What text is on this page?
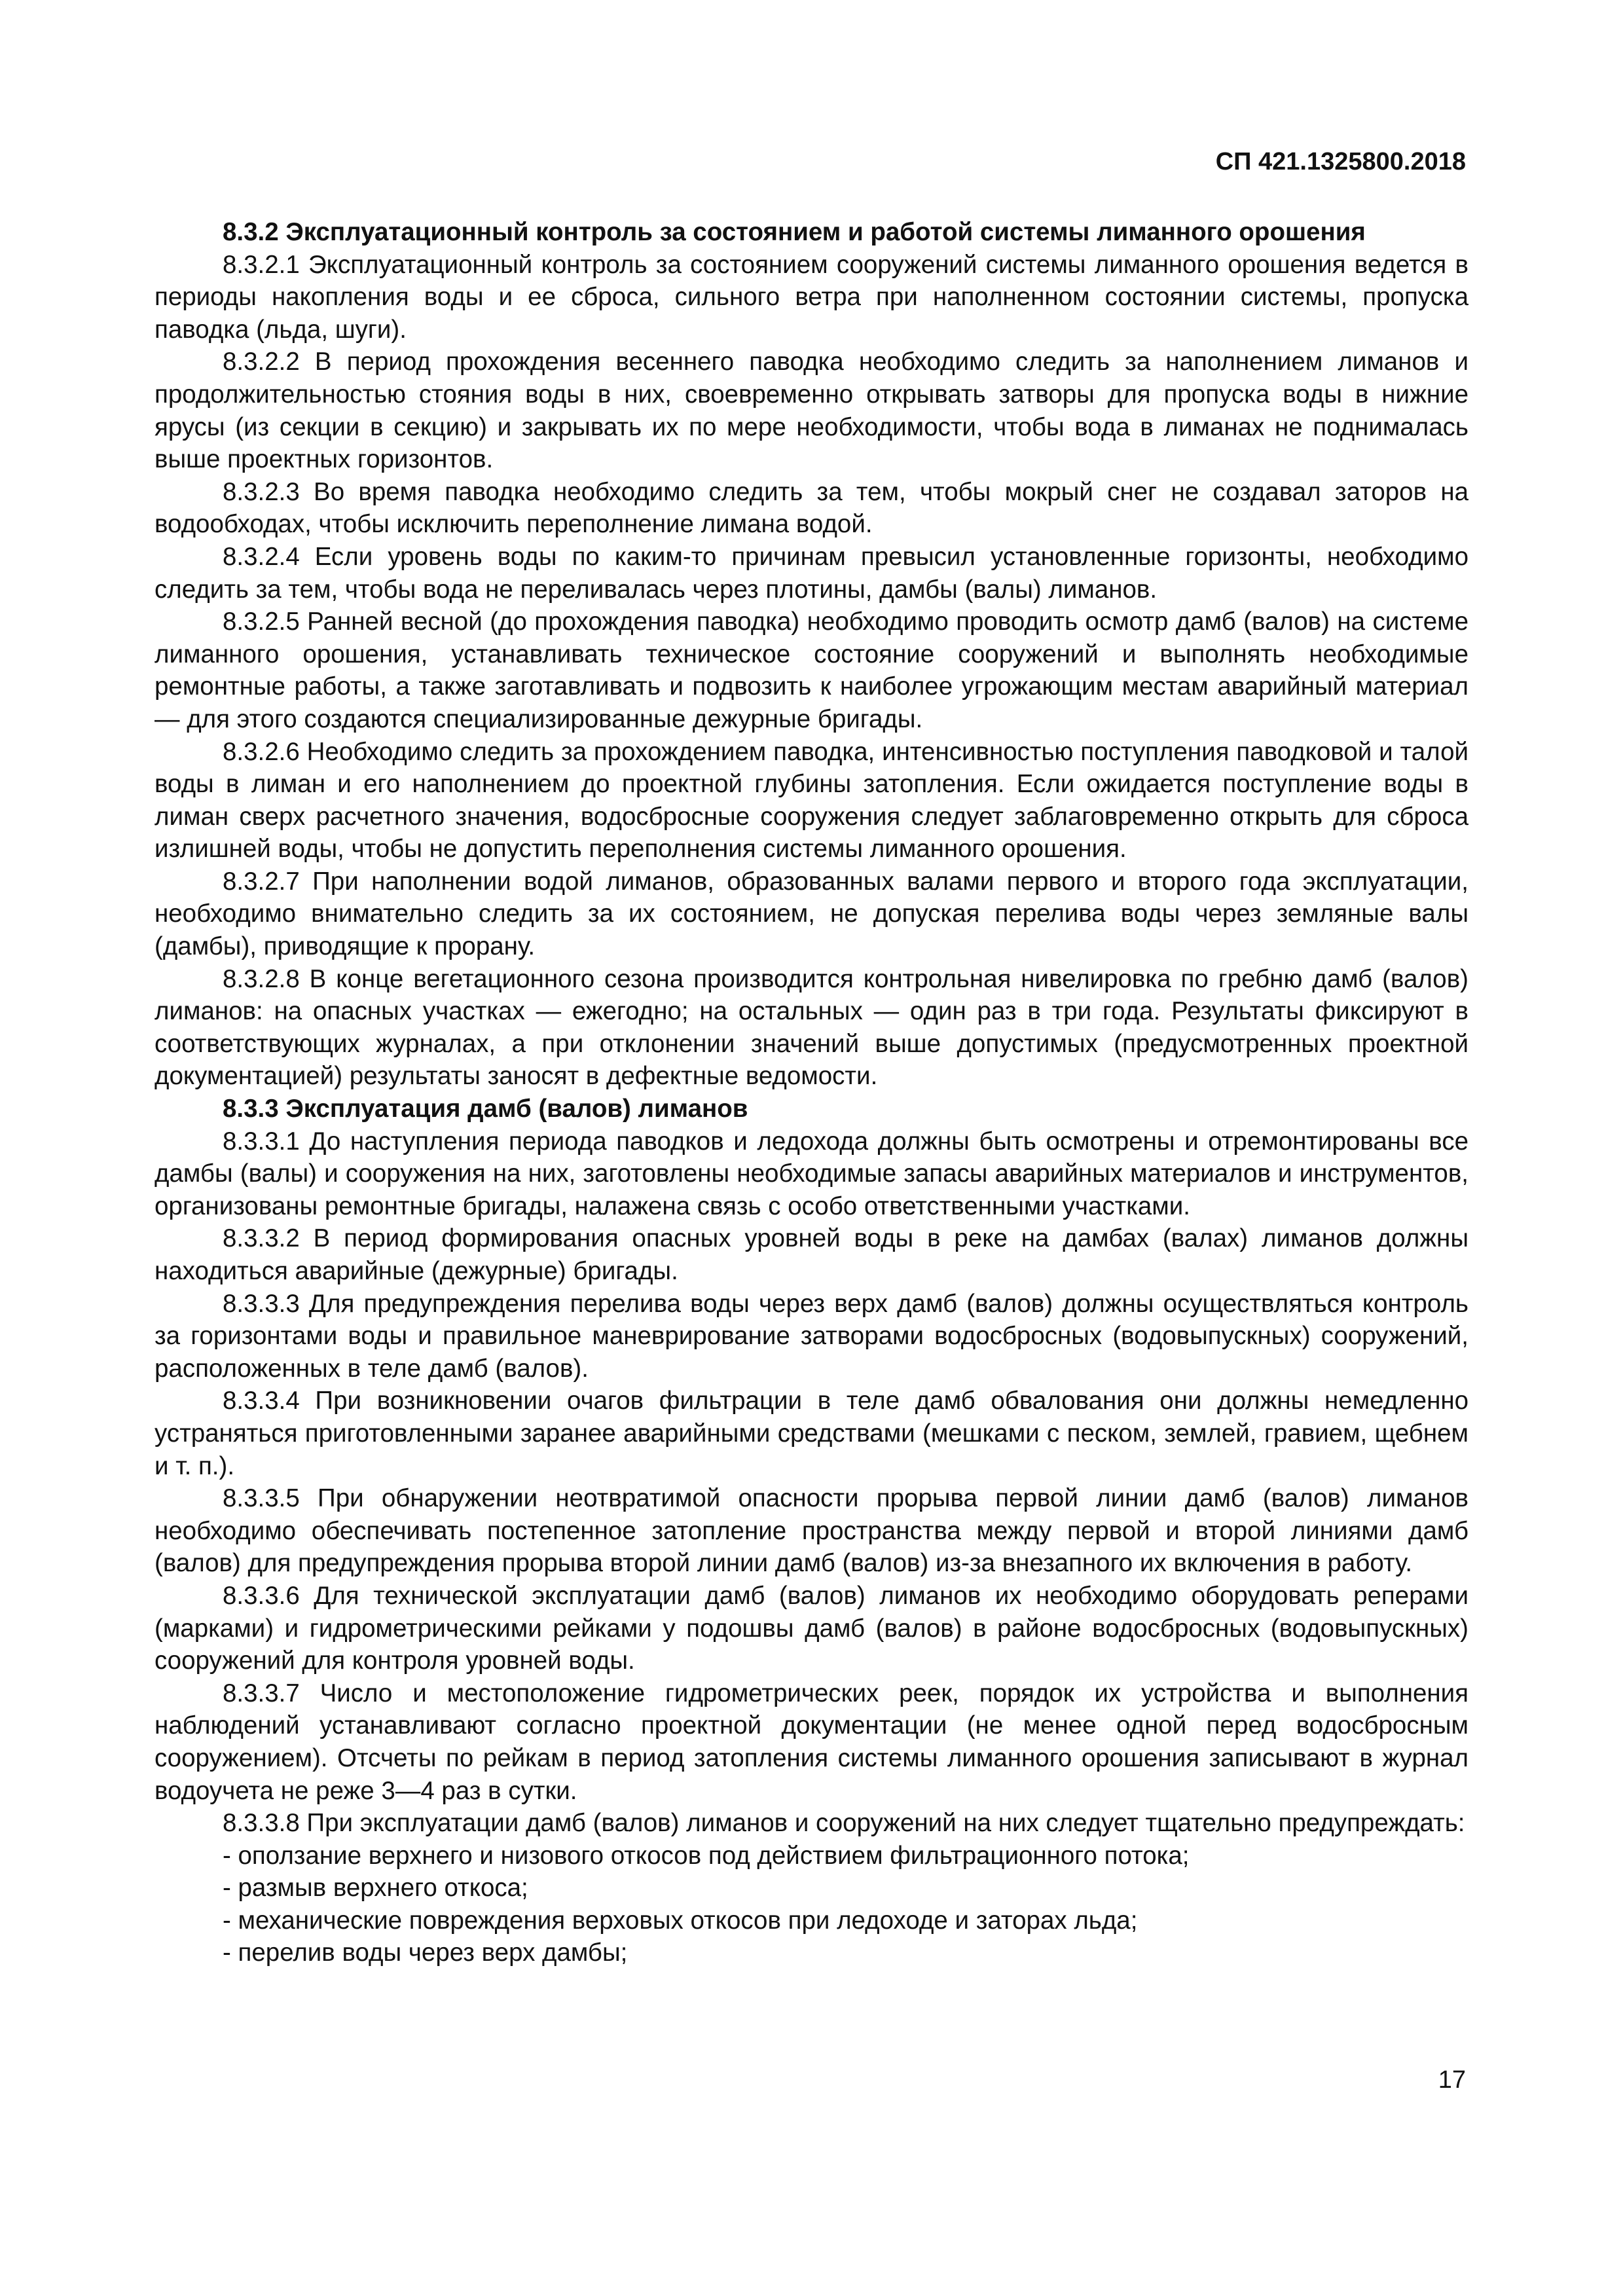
СП 421.1325800.2018

8.3.2 Эксплуатационный контроль за состоянием и работой системы лиманного орошения

8.3.2.1 Эксплуатационный контроль за состоянием сооружений системы лиманного орошения ведется в периоды накопления воды и ее сброса, сильного ветра при наполненном состоянии системы, пропуска паводка (льда, шуги).

8.3.2.2 В период прохождения весеннего паводка необходимо следить за наполнением лиманов и продолжительностью стояния воды в них, своевременно открывать затворы для пропуска воды в нижние ярусы (из секции в секцию) и закрывать их по мере необходимости, чтобы вода в лиманах не поднималась выше проектных горизонтов.

8.3.2.3 Во время паводка необходимо следить за тем, чтобы мокрый снег не создавал заторов на водообходах, чтобы исключить переполнение лимана водой.

8.3.2.4 Если уровень воды по каким-то причинам превысил установленные горизонты, необходимо следить за тем, чтобы вода не переливалась через плотины, дамбы (валы) лиманов.

8.3.2.5 Ранней весной (до прохождения паводка) необходимо проводить осмотр дамб (валов) на системе лиманного орошения, устанавливать техническое состояние сооружений и выполнять необходимые ремонтные работы, а также заготавливать и подвозить к наиболее угрожающим местам аварийный материал — для этого создаются специализированные дежурные бригады.

8.3.2.6 Необходимо следить за прохождением паводка, интенсивностью поступления паводковой и талой воды в лиман и его наполнением до проектной глубины затопления. Если ожидается поступление воды в лиман сверх расчетного значения, водосбросные сооружения следует заблаговременно открыть для сброса излишней воды, чтобы не допустить переполнения системы лиманного орошения.

8.3.2.7 При наполнении водой лиманов, образованных валами первого и второго года эксплуатации, необходимо внимательно следить за их состоянием, не допуская перелива воды через земляные валы (дамбы), приводящие к прорану.

8.3.2.8 В конце вегетационного сезона производится контрольная нивелировка по гребню дамб (валов) лиманов: на опасных участках — ежегодно; на остальных — один раз в три года. Результаты фиксируют в соответствующих журналах, а при отклонении значений выше допустимых (предусмотренных проектной документацией) результаты заносят в дефектные ведомости.

8.3.3 Эксплуатация дамб (валов) лиманов

8.3.3.1 До наступления периода паводков и ледохода должны быть осмотрены и отремонтированы все дамбы (валы) и сооружения на них, заготовлены необходимые запасы аварийных материалов и инструментов, организованы ремонтные бригады, налажена связь с особо ответственными участками.

8.3.3.2 В период формирования опасных уровней воды в реке на дамбах (валах) лиманов должны находиться аварийные (дежурные) бригады.

8.3.3.3 Для предупреждения перелива воды через верх дамб (валов) должны осуществляться контроль за горизонтами воды и правильное маневрирование затворами водосбросных (водовыпускных) сооружений, расположенных в теле дамб (валов).

8.3.3.4 При возникновении очагов фильтрации в теле дамб обвалования они должны немедленно устраняться приготовленными заранее аварийными средствами (мешками с песком, землей, гравием, щебнем и т. п.).

8.3.3.5 При обнаружении неотвратимой опасности прорыва первой линии дамб (валов) лиманов необходимо обеспечивать постепенное затопление пространства между первой и второй линиями дамб (валов) для предупреждения прорыва второй линии дамб (валов) из-за внезапного их включения в работу.

8.3.3.6 Для технической эксплуатации дамб (валов) лиманов их необходимо оборудовать реперами (марками) и гидрометрическими рейками у подошвы дамб (валов) в районе водосбросных (водовыпускных) сооружений для контроля уровней воды.

8.3.3.7 Число и местоположение гидрометрических реек, порядок их устройства и выполнения наблюдений устанавливают согласно проектной документации (не менее одной перед водосбросным сооружением). Отсчеты по рейкам в период затопления системы лиманного орошения записывают в журнал водоучета не реже 3—4 раз в сутки.

8.3.3.8 При эксплуатации дамб (валов) лиманов и сооружений на них следует тщательно предупреждать:

- оползание верхнего и низового откосов под действием фильтрационного потока;

- размыв верхнего откоса;

- механические повреждения верховых откосов при ледоходе и заторах льда;

- перелив воды через верх дамбы;

17
